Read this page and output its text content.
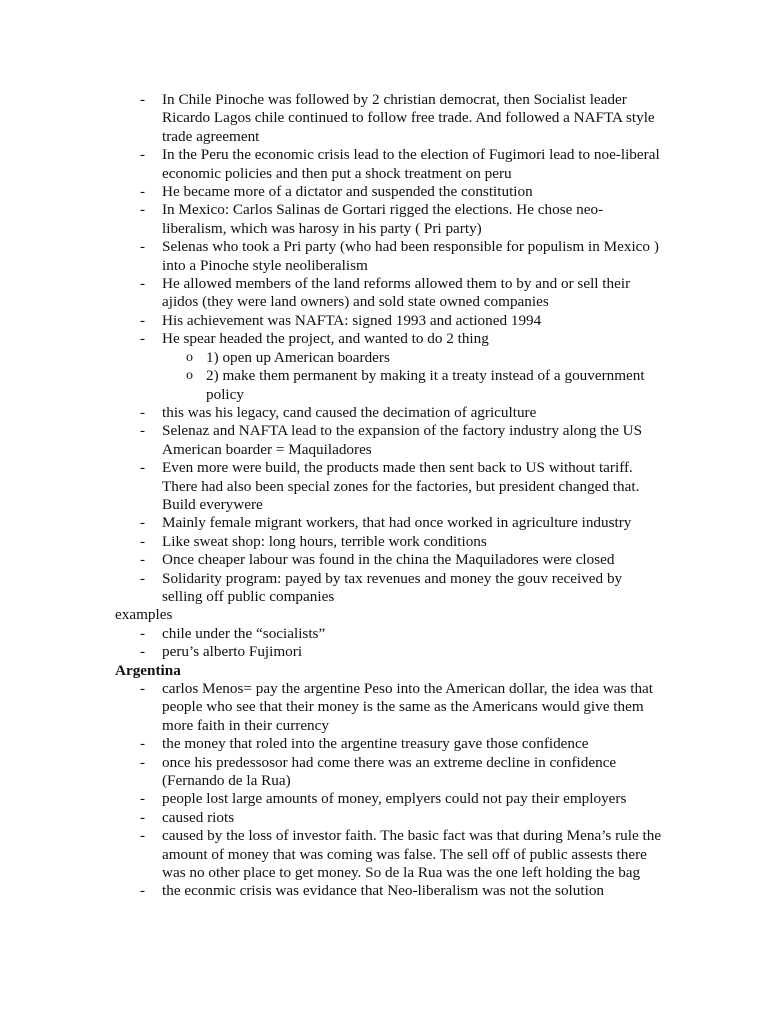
-	In Chile Pinoche was followed by 2 christian democrat, then Socialist leader
Ricardo Lagos chile continued to follow free trade. And followed a NAFTA style
trade agreement
-	In the Peru the economic crisis lead to the election of Fugimori lead to noe-liberal
economic policies and then put a shock treatment on peru
-	He became more of a dictator and suspended the constitution
-	In Mexico: Carlos Salinas de Gortari rigged the elections. He chose neo-
liberalism, which was harosy in his party ( Pri party)
-	Selenas who took a Pri party (who had been responsible for populism in Mexico )
into a Pinoche style neoliberalism
-	He allowed members of the land reforms allowed them to by and or sell their
ajidos (they were land owners) and sold state owned companies
-	His achievement was NAFTA: signed 1993 and actioned 1994
-	He spear headed the project, and wanted to do 2 thing
o 1) open up American boarders
o 2) make them permanent by making it a treaty instead of a gouvernment
policy
-	this was his legacy, cand caused the decimation of agriculture
-	Selenaz and NAFTA lead to the expansion of the factory industry along the US
American boarder = Maquiladores
-	Even more were build, the products made then sent back to US without tariff.
There had also been special zones for the factories, but president changed that.
Build everywere
-	Mainly female migrant workers, that had once worked in agriculture industry
-	Like sweat shop: long hours, terrible work conditions
-	Once cheaper labour was found in the china the Maquiladores were closed
-	Solidarity program: payed by tax revenues and money the gouv received by
selling off public companies
examples
-	chile under the “socialists”
-	peru’s alberto Fujimori
Argentina
-	carlos Menos= pay the argentine Peso into the American dollar, the idea was that
people who see that their money is the same as the Americans would give them
more faith in their currency
-	the money that roled into the argentine treasury gave those confidence
-	once his predessosor had come there was an extreme decline in confidence
(Fernando de la Rua)
-	people lost large amounts of money, emplyers could not pay their employers
-	caused riots
-	caused by the loss of investor faith. The basic fact was that during Mena’s rule the
amount of money that was coming was false. The sell off of public assests there
was no other place to get money. So de la Rua was the one left holding the bag
-	the econmic crisis was evidance that Neo-liberalism was not the solution
